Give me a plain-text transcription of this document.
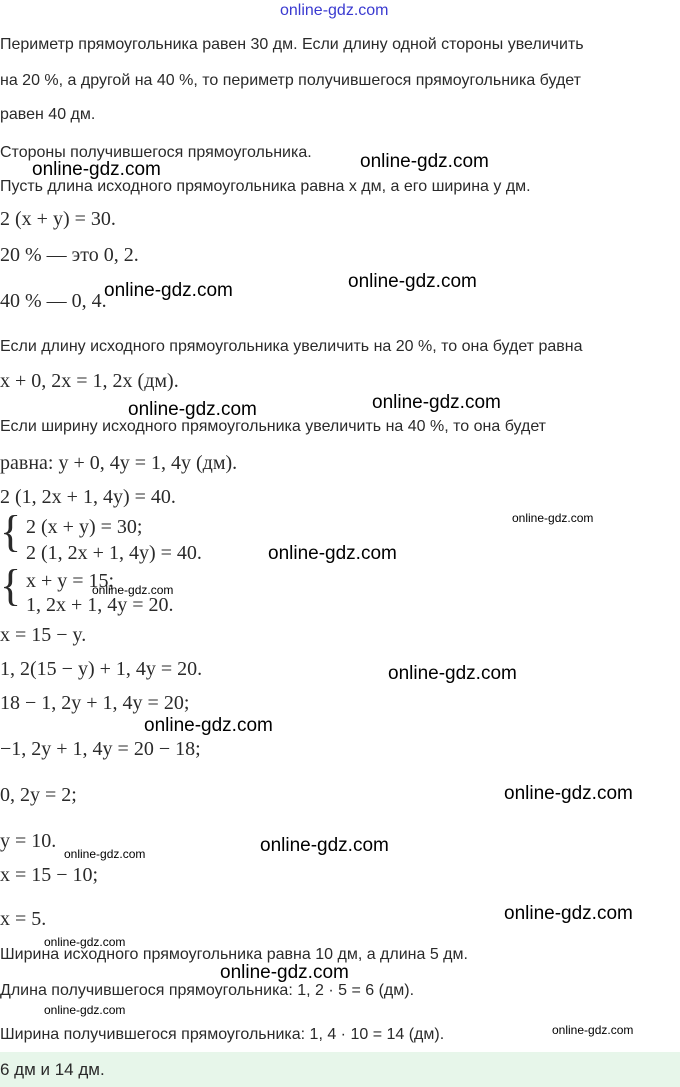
online-gdz.com
Периметр прямоугольника равен 30 дм. Если длину одной стороны увеличить
на 20 %, а другой на 40 %, то периметр получившегося прямоугольника будет
равен 40 дм.
Стороны получившегося прямоугольника.
Пусть длина исходного прямоугольника равна x дм, а его ширина y дм.
2 (x + y) = 30.
20 % — это 0, 2.
40 % — 0, 4.
Если длину исходного прямоугольника увеличить на 20 %, то она будет равна
x + 0, 2x = 1, 2x (дм).
Если ширину исходного прямоугольника увеличить на 40 %, то она будет
равна: y + 0, 4y = 1, 4y (дм).
2 (1, 2x + 1, 4y) = 40.
{ 2 (x + y) = 30;
2 (1, 2x + 1, 4y) = 40.
{ x + y = 15;
1, 2x + 1, 4y = 20.
x = 15 − y.
1, 2(15 − y) + 1, 4y = 20.
18 − 1, 2y + 1, 4y = 20;
−1, 2y + 1, 4y = 20 − 18;
0, 2y = 2;
y = 10.
x = 15 − 10;
x = 5.
Ширина исходного прямоугольника равна 10 дм, а длина 5 дм.
Длина получившегося прямоугольника: 1, 2 · 5 = 6 (дм).
Ширина получившегося прямоугольника: 1, 4 · 10 = 14 (дм).
6 дм и 14 дм.
online-gdz.com
online-gdz.com
online-gdz.com
online-gdz.com
online-gdz.com
online-gdz.com
online-gdz.com
online-gdz.com
online-gdz.com
online-gdz.com
online-gdz.com
online-gdz.com
online-gdz.com
online-gdz.com
online-gdz.com
online-gdz.com
online-gdz.com
online-gdz.com
online-gdz.com
